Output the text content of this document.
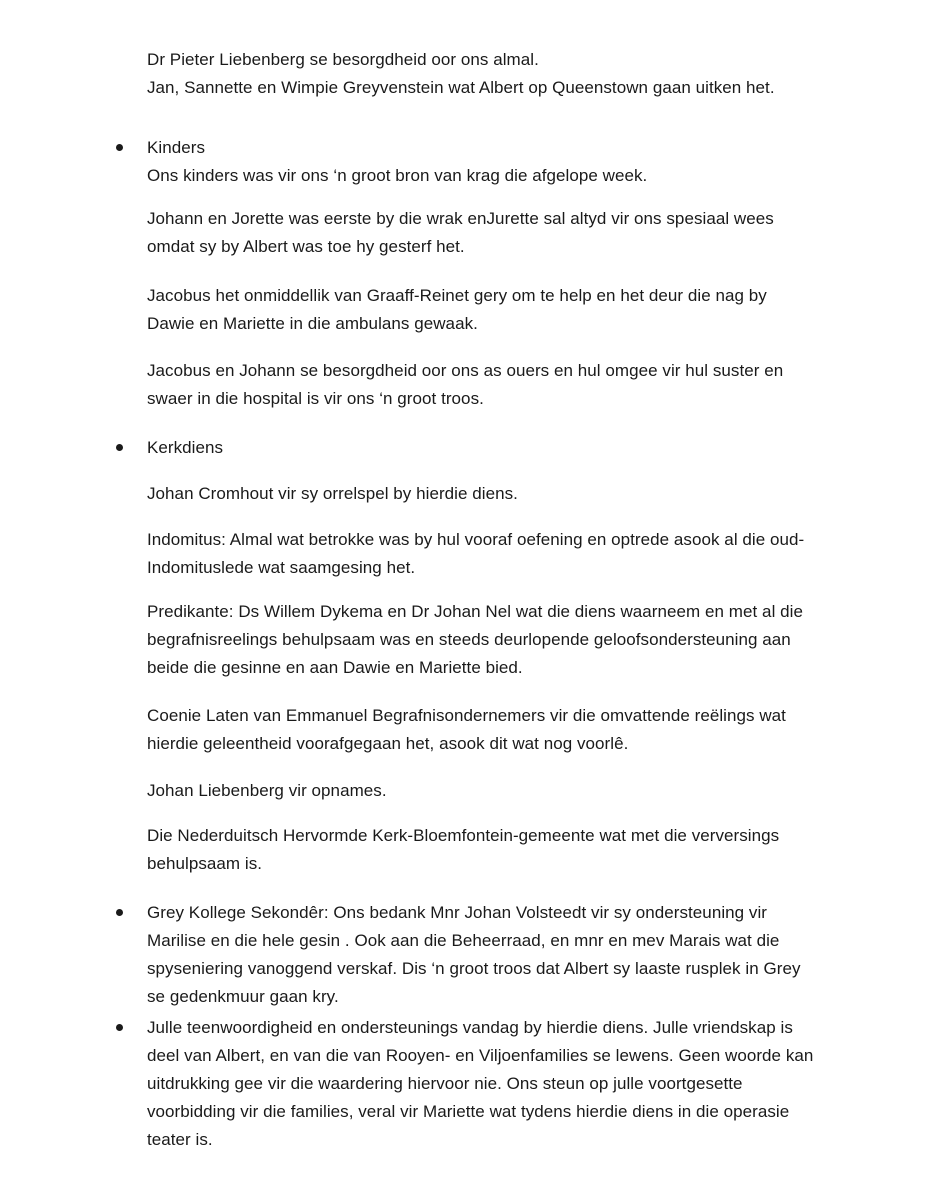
Dr Pieter Liebenberg se besorgdheid oor ons almal.
Jan, Sannette en Wimpie Greyvenstein wat Albert op Queenstown gaan uitken het.
Kinders
Ons kinders was vir ons ‘n groot bron van krag die afgelope week.
Johann en Jorette was eerste by die wrak enJurette sal altyd vir ons spesiaal wees
omdat sy by Albert was toe hy gesterf het.
Jacobus het onmiddellik van Graaff-Reinet gery om te help en het deur die nag by
Dawie en Mariette in die ambulans gewaak.
Jacobus en Johann se besorgdheid oor ons as ouers en hul omgee vir hul suster en
swaer in die hospital is vir ons ‘n groot troos.
Kerkdiens
Johan Cromhout vir sy orrelspel by hierdie diens.
Indomitus: Almal wat betrokke was by hul vooraf oefening en optrede asook al die oud-
Indomituslede wat saamgesing het.
Predikante: Ds Willem Dykema en Dr Johan Nel wat die diens waarneem en met al die
begrafnisreelings behulpsaam was en steeds deurlopende geloofsondersteuning aan
beide die gesinne en aan Dawie en Mariette bied.
Coenie Laten van Emmanuel Begrafnisondernemers vir die omvattende reëlings wat
hierdie geleentheid voorafgegaan het, asook dit wat nog voorlê.
Johan Liebenberg vir opnames.
Die Nederduitsch Hervormde Kerk-Bloemfontein-gemeente wat met die verversings
behulpsaam is.
Grey Kollege Sekondêr: Ons bedank Mnr Johan Volsteedt vir sy ondersteuning vir
Marilise en die hele gesin . Ook aan die Beheerraad, en mnr en mev Marais wat die
spyseniering vanoggend verskaf. Dis ‘n groot troos dat Albert sy laaste rusplek in Grey
se gedenkmuur gaan kry.
Julle teenwoordigheid en ondersteunings vandag by hierdie diens. Julle vriendskap is
deel van Albert, en van die van Rooyen- en Viljoenfamilies se lewens. Geen woorde kan
uitdrukking gee vir die waardering hiervoor nie. Ons steun op julle voortgesette
voorbidding vir die families, veral vir Mariette wat tydens hierdie diens in die operasie
teater is.
